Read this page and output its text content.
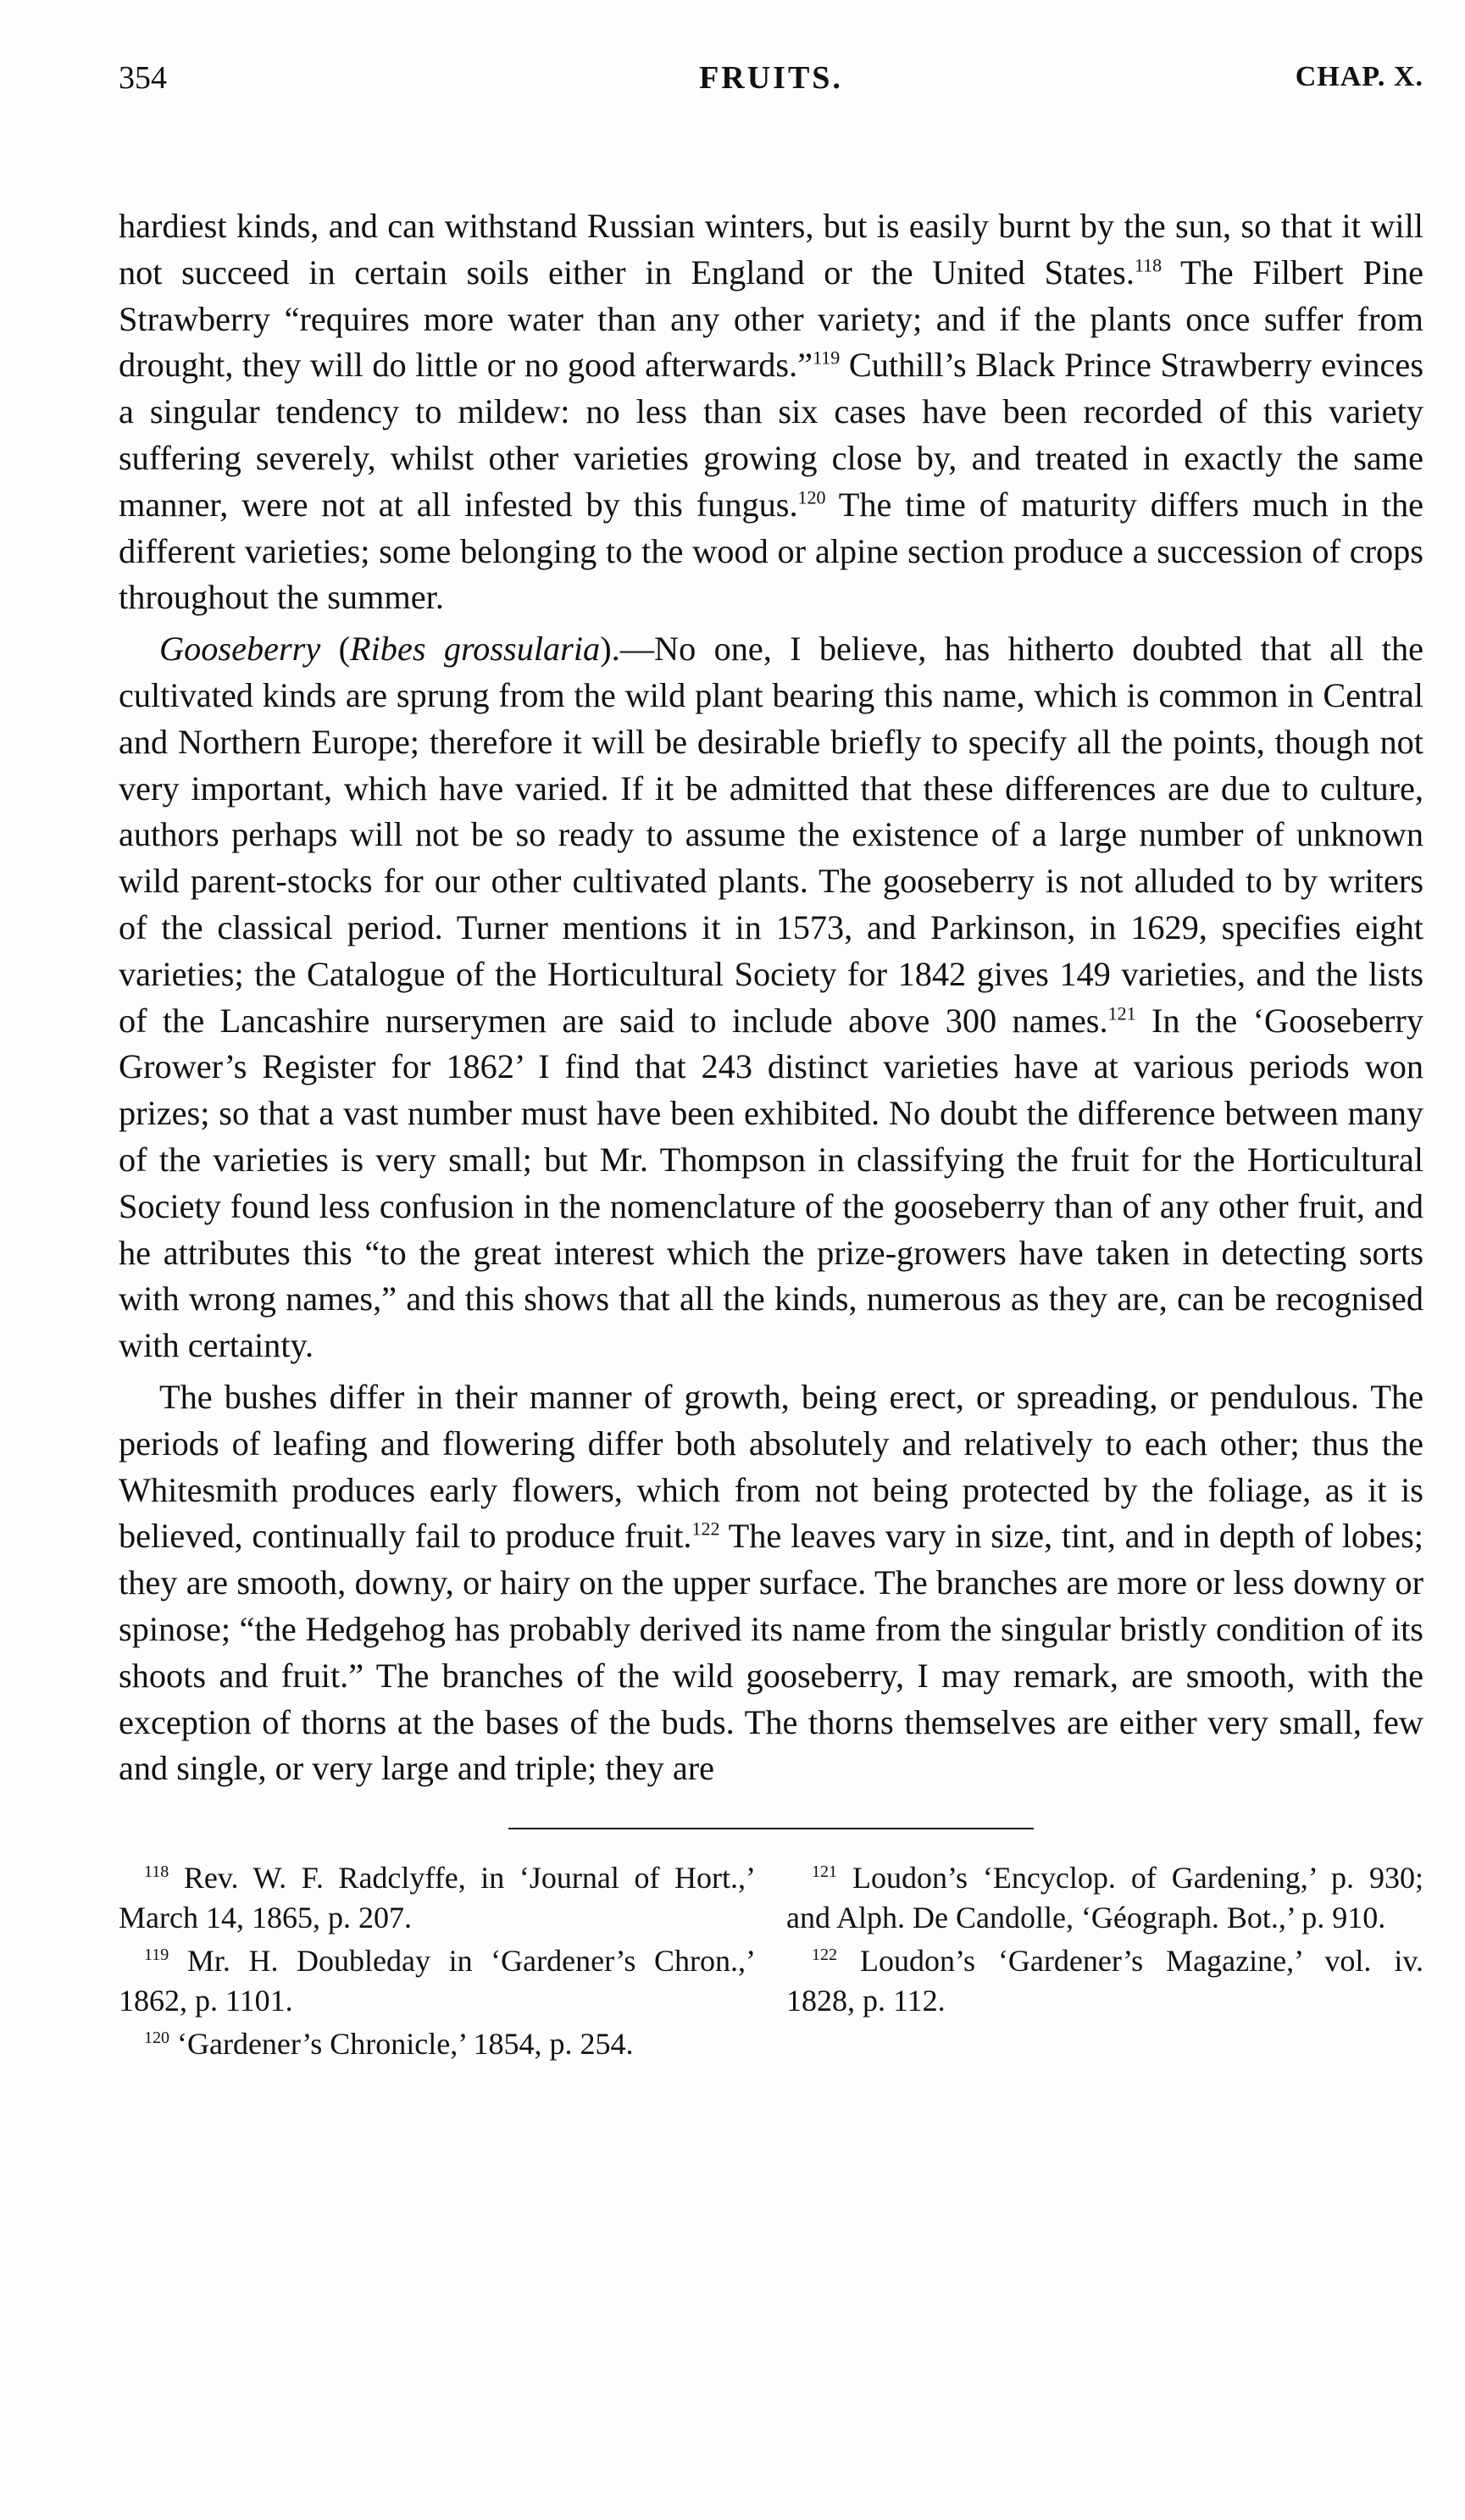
354	FRUITS.	CHAP. X.

hardiest kinds, and can withstand Russian winters, but is easily burnt by the sun, so that it will not succeed in certain soils either in England or the United States.$^{118}$ The Filbert Pine Strawberry “requires more water than any other variety; and if the plants once suffer from drought, they will do little or no good afterwards.”$^{119}$ Cuthill’s Black Prince Strawberry evinces a singular tendency to mildew: no less than six cases have been recorded of this variety suffering severely, whilst other varieties growing close by, and treated in exactly the same manner, were not at all infested by this fungus.$^{120}$ The time of maturity differs much in the different varieties; some belonging to the wood or alpine section produce a succession of crops throughout the summer.

Gooseberry (Ribes grossularia).—No one, I believe, has hitherto doubted that all the cultivated kinds are sprung from the wild plant bearing this name, which is common in Central and Northern Europe; therefore it will be desirable briefly to specify all the points, though not very important, which have varied. If it be admitted that these differences are due to culture, authors perhaps will not be so ready to assume the existence of a large number of unknown wild parent-stocks for our other cultivated plants. The gooseberry is not alluded to by writers of the classical period. Turner mentions it in 1573, and Parkinson, in 1629, specifies eight varieties; the Catalogue of the Horticultural Society for 1842 gives 149 varieties, and the lists of the Lancashire nurserymen are said to include above 300 names.$^{121}$ In the ‘Gooseberry Grower’s Register for 1862’ I find that 243 distinct varieties have at various periods won prizes; so that a vast number must have been exhibited. No doubt the difference between many of the varieties is very small; but Mr. Thompson in classifying the fruit for the Horticultural Society found less confusion in the nomenclature of the gooseberry than of any other fruit, and he attributes this “to the great interest which the prize-growers have taken in detecting sorts with wrong names,” and this shows that all the kinds, numerous as they are, can be recognised with certainty.

The bushes differ in their manner of growth, being erect, or spreading, or pendulous. The periods of leafing and flowering differ both absolutely and relatively to each other; thus the Whitesmith produces early flowers, which from not being protected by the foliage, as it is believed, continually fail to produce fruit.$^{122}$ The leaves vary in size, tint, and in depth of lobes; they are smooth, downy, or hairy on the upper surface. The branches are more or less downy or spinose; “the Hedgehog has probably derived its name from the singular bristly condition of its shoots and fruit.” The branches of the wild gooseberry, I may remark, are smooth, with the exception of thorns at the bases of the buds. The thorns themselves are either very small, few and single, or very large and triple; they are

$^{118}$ Rev. W. F. Radclyffe, in ‘Journal of Hort.,’ March 14, 1865, p. 207.

$^{119}$ Mr. H. Doubleday in ‘Gardener’s Chron.,’ 1862, p. 1101.

$^{120}$ ‘Gardener’s Chronicle,’ 1854, p. 254.

$^{121}$ Loudon’s ‘Encyclop. of Gardening,’ p. 930; and Alph. De Candolle, ‘Géograph. Bot.,’ p. 910.

$^{122}$ Loudon’s ‘Gardener’s Magazine,’ vol. iv. 1828, p. 112.
